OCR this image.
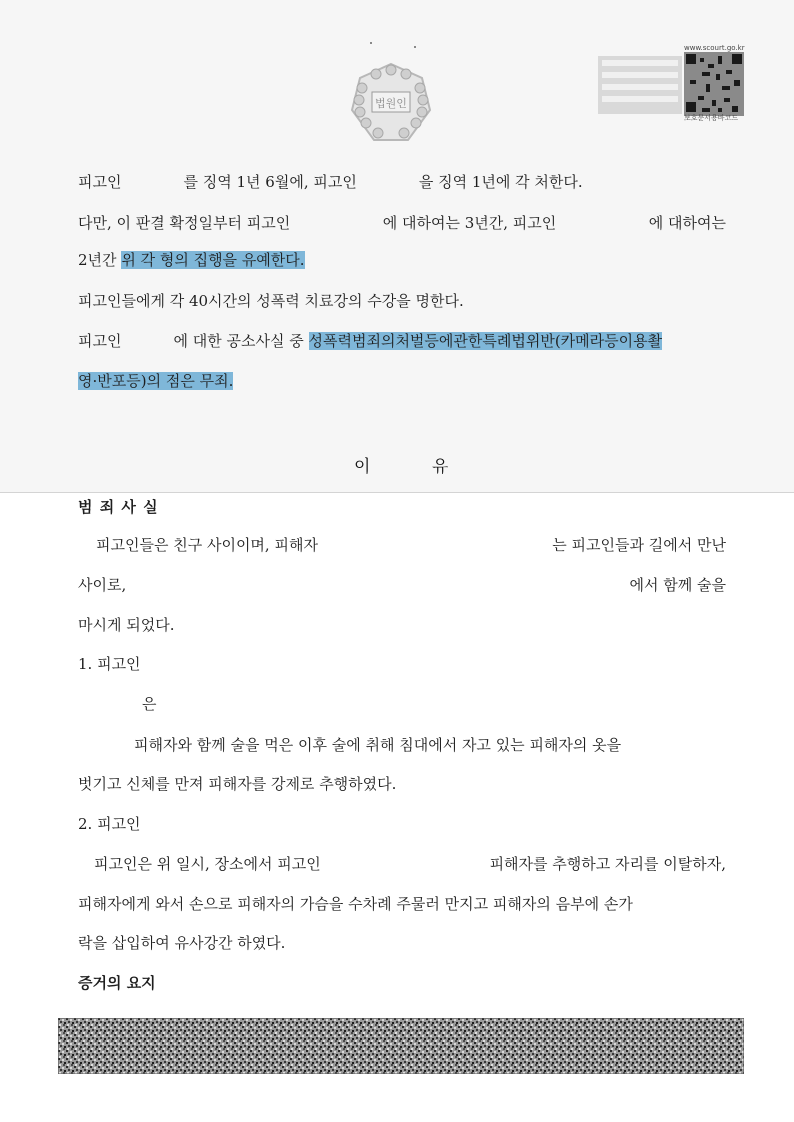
법원인
www.scourt.go.kr
보호문서용바코드
피고인	를 징역 1년 6월에, 피고인	을 징역 1년에 각 처한다.
다만, 이 판결 확정일부터 피고인	에 대하여는 3년간, 피고인	에 대하여는
2년간 위 각 형의 집행을 유예한다.
피고인들에게 각 40시간의 성폭력 치료강의 수강을 명한다.
피고인	에 대한 공소사실 중 성폭력범죄의처벌등에관한특례법위반(카메라등이용촬
영·반포등)의 점은 무죄.
이	유
범 죄 사 실
피고인들은 친구 사이이며, 피해자	는 피고인들과 길에서 만난
사이로,	에서 함께 술을
마시게 되었다.
1. 피고인
은
피해자와 함께 술을 먹은 이후 술에 취해 침대에서 자고 있는 피해자의 옷을
벗기고 신체를 만져 피해자를 강제로 추행하였다.
2. 피고인
피고인은 위 일시, 장소에서 피고인	피해자를 추행하고 자리를 이탈하자,
피해자에게 와서 손으로 피해자의 가슴을 수차례 주물러 만지고 피해자의 음부에 손가
락을 삽입하여 유사강간 하였다.
증거의 요지
